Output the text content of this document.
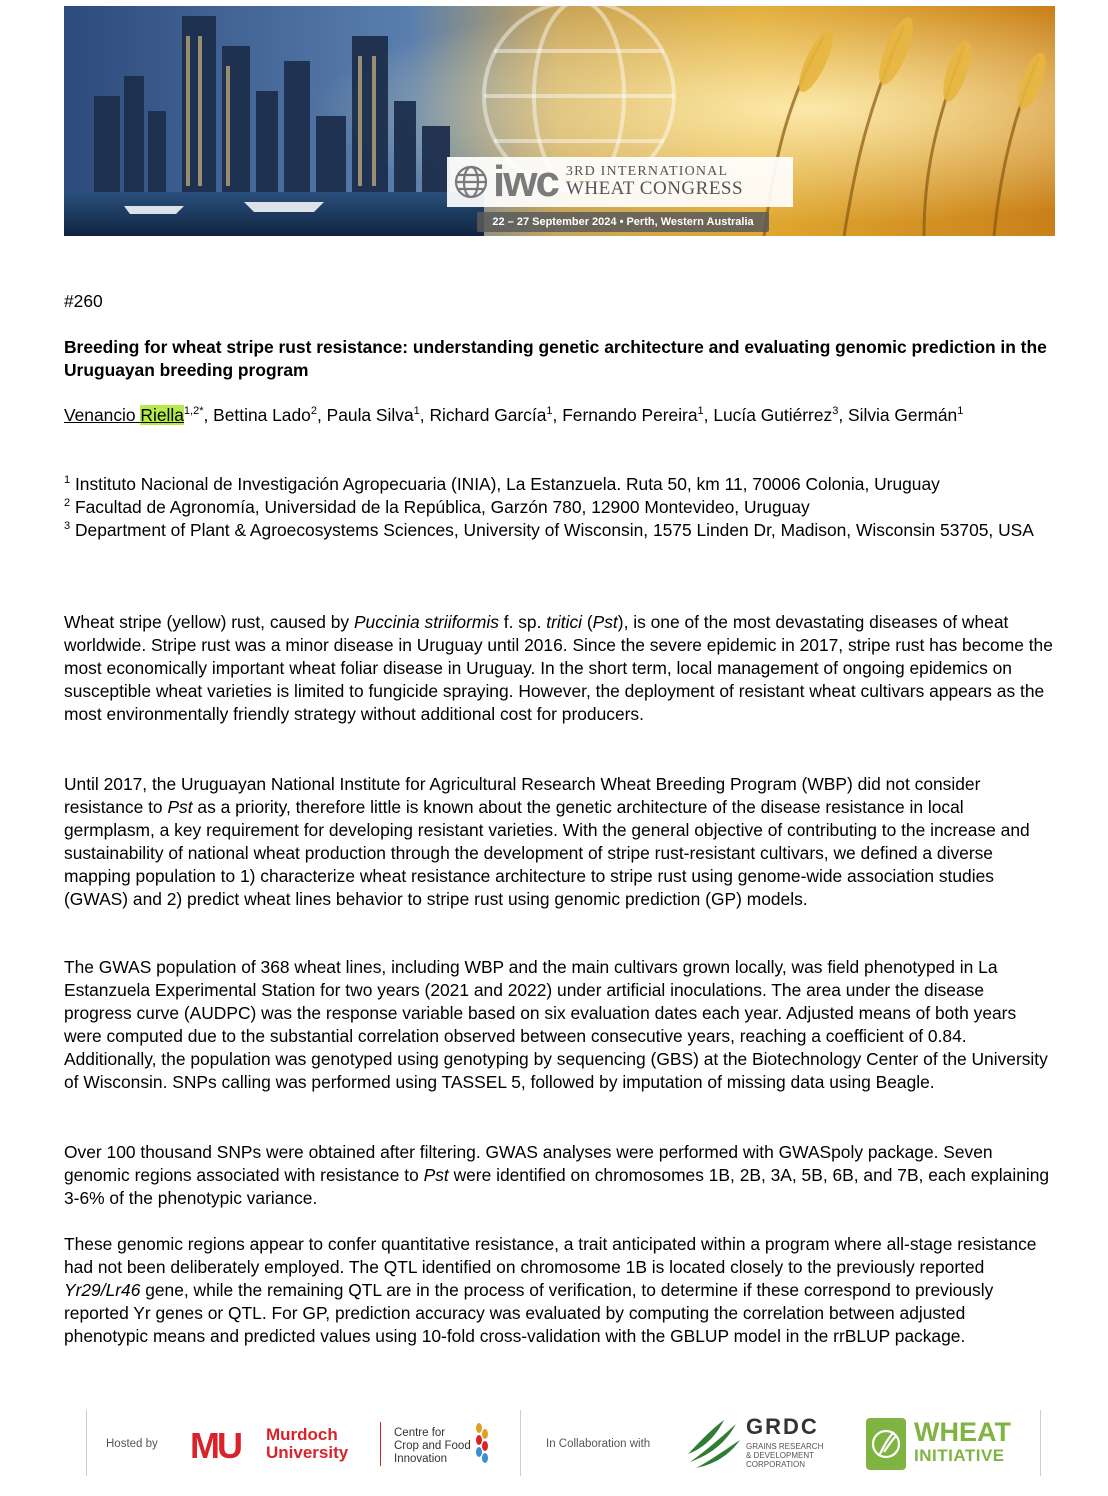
iwc 3RD INTERNATIONAL
WHEAT CONGRESS
22 – 27 September 2024 • Perth, Western Australia

#260

Breeding for wheat stripe rust resistance: understanding genetic architecture and evaluating genomic prediction in the Uruguayan breeding program

Venancio Riella$^{1,2*}$, Bettina Lado$^2$, Paula Silva$^1$, Richard García$^1$, Fernando Pereira$^1$, Lucía Gutiérrez$^3$, Silvia Germán$^1$

$^1$ Instituto Nacional de Investigación Agropecuaria (INIA), La Estanzuela. Ruta 50, km 11, 70006 Colonia, Uruguay
$^2$ Facultad de Agronomía, Universidad de la República, Garzón 780, 12900 Montevideo, Uruguay
$^3$ Department of Plant & Agroecosystems Sciences, University of Wisconsin, 1575 Linden Dr, Madison, Wisconsin 53705, USA

Wheat stripe (yellow) rust, caused by Puccinia striiformis f. sp. tritici (Pst), is one of the most devastating diseases of wheat worldwide. Stripe rust was a minor disease in Uruguay until 2016. Since the severe epidemic in 2017, stripe rust has become the most economically important wheat foliar disease in Uruguay. In the short term, local management of ongoing epidemics on susceptible wheat varieties is limited to fungicide spraying. However, the deployment of resistant wheat cultivars appears as the most environmentally friendly strategy without additional cost for producers.

Until 2017, the Uruguayan National Institute for Agricultural Research Wheat Breeding Program (WBP) did not consider resistance to Pst as a priority, therefore little is known about the genetic architecture of the disease resistance in local germplasm, a key requirement for developing resistant varieties. With the general objective of contributing to the increase and sustainability of national wheat production through the development of stripe rust-resistant cultivars, we defined a diverse mapping population to 1) characterize wheat resistance architecture to stripe rust using genome-wide association studies (GWAS) and 2) predict wheat lines behavior to stripe rust using genomic prediction (GP) models.

The GWAS population of 368 wheat lines, including WBP and the main cultivars grown locally, was field phenotyped in La Estanzuela Experimental Station for two years (2021 and 2022) under artificial inoculations. The area under the disease progress curve (AUDPC) was the response variable based on six evaluation dates each year. Adjusted means of both years were computed due to the substantial correlation observed between consecutive years, reaching a coefficient of 0.84. Additionally, the population was genotyped using genotyping by sequencing (GBS) at the Biotechnology Center of the University of Wisconsin. SNPs calling was performed using TASSEL 5, followed by imputation of missing data using Beagle.

Over 100 thousand SNPs were obtained after filtering. GWAS analyses were performed with GWASpoly package. Seven genomic regions associated with resistance to Pst were identified on chromosomes 1B, 2B, 3A, 5B, 6B, and 7B, each explaining 3-6% of the phenotypic variance.

These genomic regions appear to confer quantitative resistance, a trait anticipated within a program where all-stage resistance had not been deliberately employed. The QTL identified on chromosome 1B is located closely to the previously reported Yr29/Lr46 gene, while the remaining QTL are in the process of verification, to determine if these correspond to previously reported Yr genes or QTL. For GP, prediction accuracy was evaluated by computing the correlation between adjusted phenotypic means and predicted values using 10-fold cross-validation with the GBLUP model in the rrBLUP package.

Hosted by MU Murdoch
University
Centre for
Crop and Food
Innovation
In Collaboration with
GRDC
GRAINS RESEARCH
& DEVELOPMENT
CORPORATION
WHEAT
INITIATIVE
